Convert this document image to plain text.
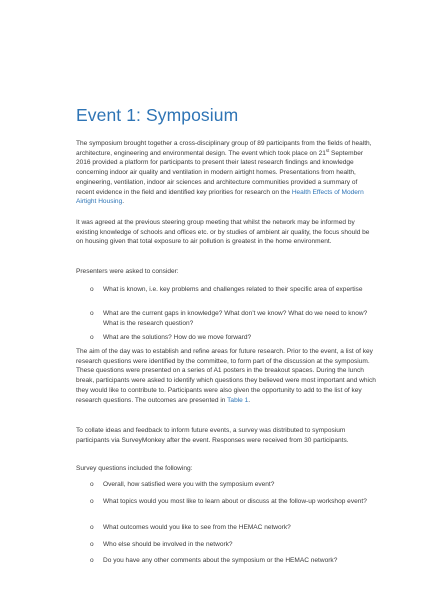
Event 1: Symposium

The symposium brought together a cross-disciplinary group of 89 participants from the fields of health, architecture, engineering and environmental design. The event which took place on 21st September 2016 provided a platform for participants to present their latest research findings and knowledge concerning indoor air quality and ventilation in modern airtight homes. Presentations from health, engineering, ventilation, indoor air sciences and architecture communities provided a summary of recent evidence in the field and identified key priorities for research on the Health Effects of Modern Airtight Housing.

It was agreed at the previous steering group meeting that whilst the network may be informed by existing knowledge of schools and offices etc. or by studies of ambient air quality, the focus should be on housing given that total exposure to air pollution is greatest in the home environment.

Presenters were asked to consider:

o What is known, i.e. key problems and challenges related to their specific area of expertise
o What are the current gaps in knowledge? What don’t we know? What do we need to know? What is the research question?
o What are the solutions? How do we move forward?

The aim of the day was to establish and refine areas for future research. Prior to the event, a list of key research questions were identified by the committee, to form part of the discussion at the symposium. These questions were presented on a series of A1 posters in the breakout spaces. During the lunch break, participants were asked to identify which questions they believed were most important and which they would like to contribute to. Participants were also given the opportunity to add to the list of key research questions. The outcomes are presented in Table 1.

To collate ideas and feedback to inform future events, a survey was distributed to symposium participants via SurveyMonkey after the event. Responses were received from 30 participants.

Survey questions included the following:

o Overall, how satisfied were you with the symposium event?
o What topics would you most like to learn about or discuss at the follow-up workshop event?
o What outcomes would you like to see from the HEMAC network?
o Who else should be involved in the network?
o Do you have any other comments about the symposium or the HEMAC network?
